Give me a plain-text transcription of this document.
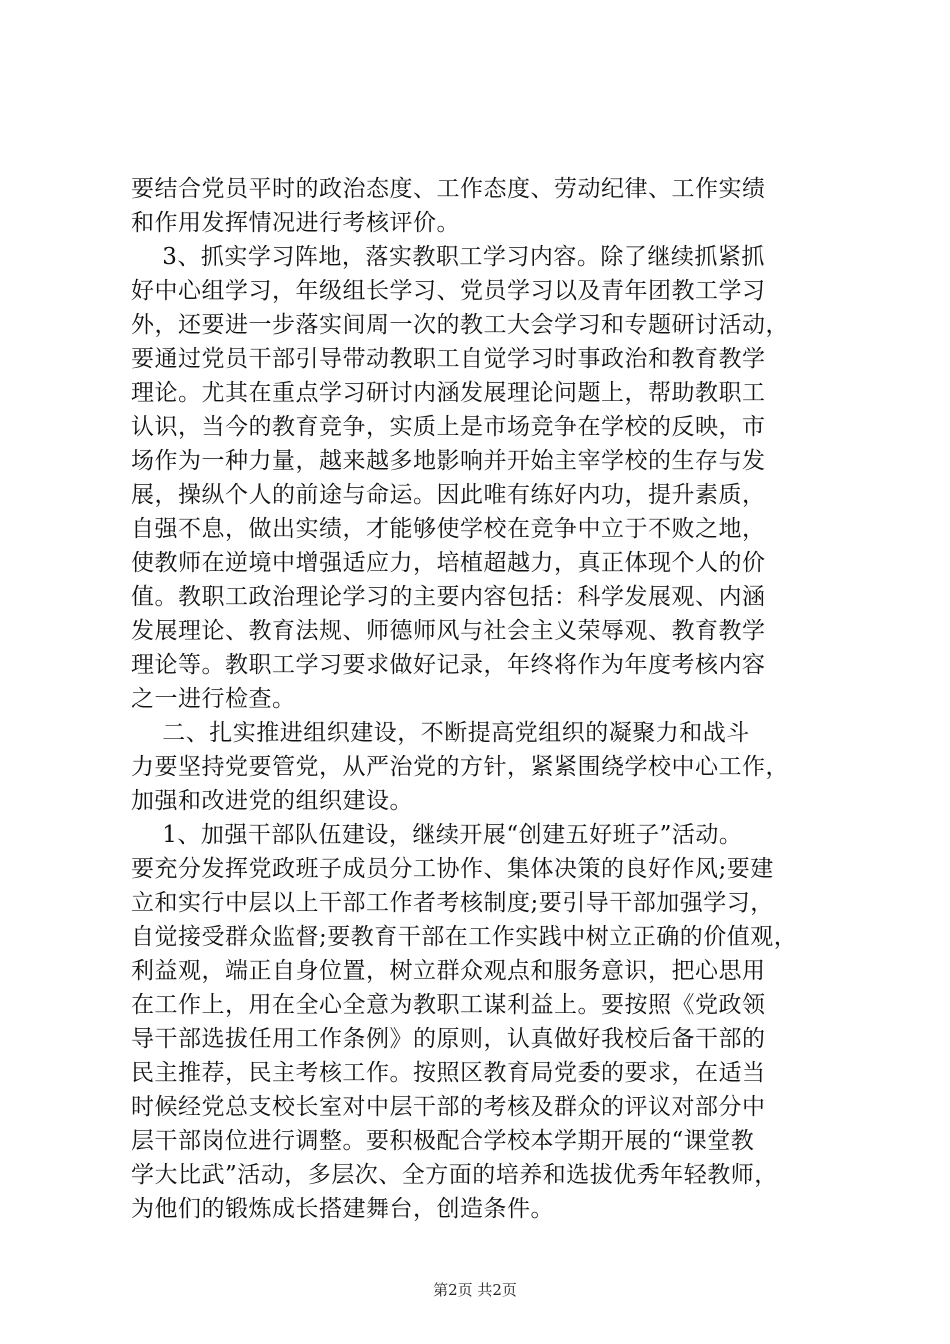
要结合党员平时的政治态度、工作态度、劳动纪律、工作实绩
和作用发挥情况进行考核评价。
3、抓实学习阵地，落实教职工学习内容。除了继续抓紧抓
好中心组学习，年级组长学习、党员学习以及青年团教工学习
外，还要进一步落实间周一次的教工大会学习和专题研讨活动，
要通过党员干部引导带动教职工自觉学习时事政治和教育教学
理论。尤其在重点学习研讨内涵发展理论问题上，帮助教职工
认识，当今的教育竞争，实质上是市场竞争在学校的反映，市
场作为一种力量，越来越多地影响并开始主宰学校的生存与发
展，操纵个人的前途与命运。因此唯有练好内功，提升素质，
自强不息，做出实绩，才能够使学校在竞争中立于不败之地，
使教师在逆境中增强适应力，培植超越力，真正体现个人的价
值。教职工政治理论学习的主要内容包括：科学发展观、内涵
发展理论、教育法规、师德师风与社会主义荣辱观、教育教学
理论等。教职工学习要求做好记录，年终将作为年度考核内容
之一进行检查。
二、扎实推进组织建设，不断提高党组织的凝聚力和战斗
力要坚持党要管党，从严治党的方针，紧紧围绕学校中心工作，
加强和改进党的组织建设。
1、加强干部队伍建设，继续开展“创建五好班子”活动。
要充分发挥党政班子成员分工协作、集体决策的良好作风;要建
立和实行中层以上干部工作者考核制度;要引导干部加强学习，
自觉接受群众监督;要教育干部在工作实践中树立正确的价值观，
利益观，端正自身位置，树立群众观点和服务意识，把心思用
在工作上，用在全心全意为教职工谋利益上。要按照《党政领
导干部选拔任用工作条例》的原则，认真做好我校后备干部的
民主推荐，民主考核工作。按照区教育局党委的要求，在适当
时候经党总支校长室对中层干部的考核及群众的评议对部分中
层干部岗位进行调整。要积极配合学校本学期开展的“课堂教
学大比武”活动，多层次、全方面的培养和选拔优秀年轻教师，
为他们的锻炼成长搭建舞台，创造条件。
第2页 共2页
